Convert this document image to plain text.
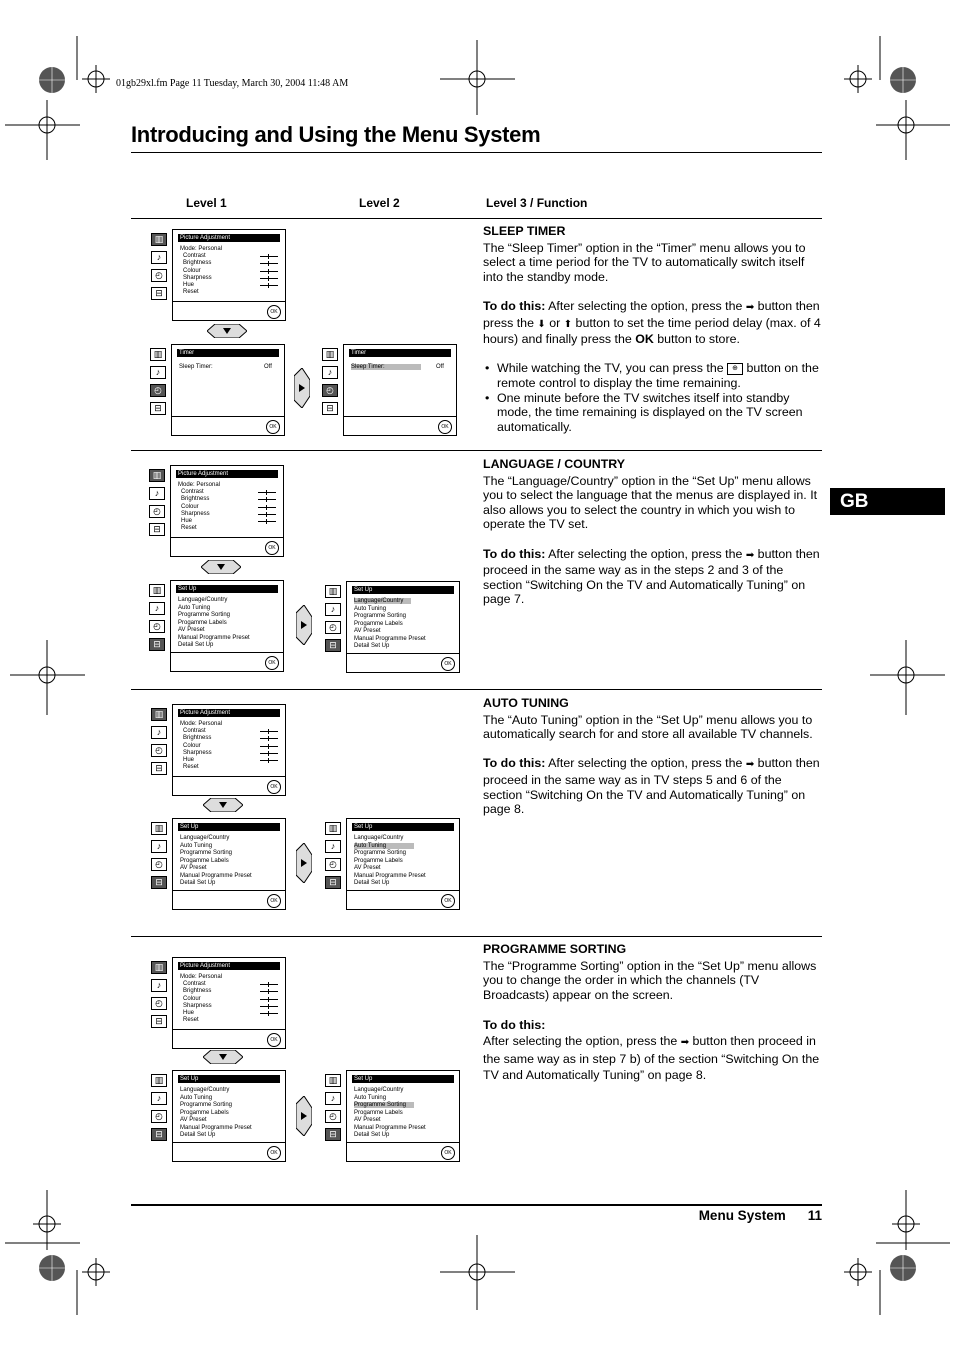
01gb29xl.fm Page 11 Tuesday, March 30, 2004 11:48 AM
Introducing and Using the Menu System
Level 1	Level 2	Level 3 / Function
GB
SLEEP TIMER

The “Sleep Timer” option in the “Timer” menu allows you to select a time period for the TV to automatically switch itself into the standby mode.

To do this: After selecting the option, press the ➡ button then press the ⬇ or ⬆ button to set the time period delay (max. of 4 hours) and finally press the OK button to store.

• While watching the TV, you can press the ⊕ button on the remote control to display the time remaining.
• One minute before the TV switches itself into standby mode, the time remaining is displayed on the TV screen automatically.
▥
♪
◴
⊟
Picture Adjustment
Mode: Personal
Contrast
Brightness
Colour
Sharpness
Hue
Reset
OK
▥
♪
◴
⊟
Timer
Sleep Timer:	Off
OK
▥
♪
◴
⊟
Timer
Sleep Timer:	Off
OK
LANGUAGE / COUNTRY

The “Language/Country” option in the “Set Up” menu allows you to select the language that the menus are displayed in. It also allows you to select the country in which you wish to operate the TV set.

To do this: After selecting the option, press the ➡ button then proceed in the same way as in the steps 2 and 3 of the section “Switching On the TV and Automatically Tuning” on page 7.

▥
♪
◴
⊟
Picture Adjustment
Mode: Personal
Contrast
Brightness
Colour
Sharpness
Hue
Reset
OK
▥
♪
◴
⊟
Set Up
Language/Country
Auto Tuning
Programme Sorting
Progamme Labels
AV Preset
Manual Programme Preset
Detail Set Up
OK
▥
♪
◴
⊟
Set Up
Language/Country
Auto Tuning
Programme Sorting
Progamme Labels
AV Preset
Manual Programme Preset
Detail Set Up
OK
AUTO TUNING

The “Auto Tuning” option in the “Set Up” menu allows you to automatically search for and store all available TV channels.

To do this: After selecting the option, press the ➡ button then proceed in the same way as in TV steps 5 and 6 of the section “Switching On the TV and Automatically Tuning” on page 8.

▥
♪
◴
⊟
Picture Adjustment
Mode: Personal
Contrast
Brightness
Colour
Sharpness
Hue
Reset
OK
▥
♪
◴
⊟
Set Up
Language/Country
Auto Tuning
Programme Sorting
Progamme Labels
AV Preset
Manual Programme Preset
Detail Set Up
OK
▥
♪
◴
⊟
Set Up
Language/Country
Auto Tuning
Programme Sorting
Progamme Labels
AV Preset
Manual Programme Preset
Detail Set Up
OK
PROGRAMME SORTING

The “Programme Sorting” option in the “Set Up” menu allows you to change the order in which the channels (TV Broadcasts) appear on the screen.

To do this:
After selecting the option, press the ➡ button then proceed in the same way as in step 7 b) of the section “Switching On the TV and Automatically Tuning” on page 8.

▥
♪
◴
⊟
Picture Adjustment
Mode: Personal
Contrast
Brightness
Colour
Sharpness
Hue
Reset
OK
▥
♪
◴
⊟
Set Up
Language/Country
Auto Tuning
Programme Sorting
Progamme Labels
AV Preset
Manual Programme Preset
Detail Set Up
OK
▥
♪
◴
⊟
Set Up
Language/Country
Auto Tuning
Programme Sorting
Progamme Labels
AV Preset
Manual Programme Preset
Detail Set Up
OK
Menu System 11
